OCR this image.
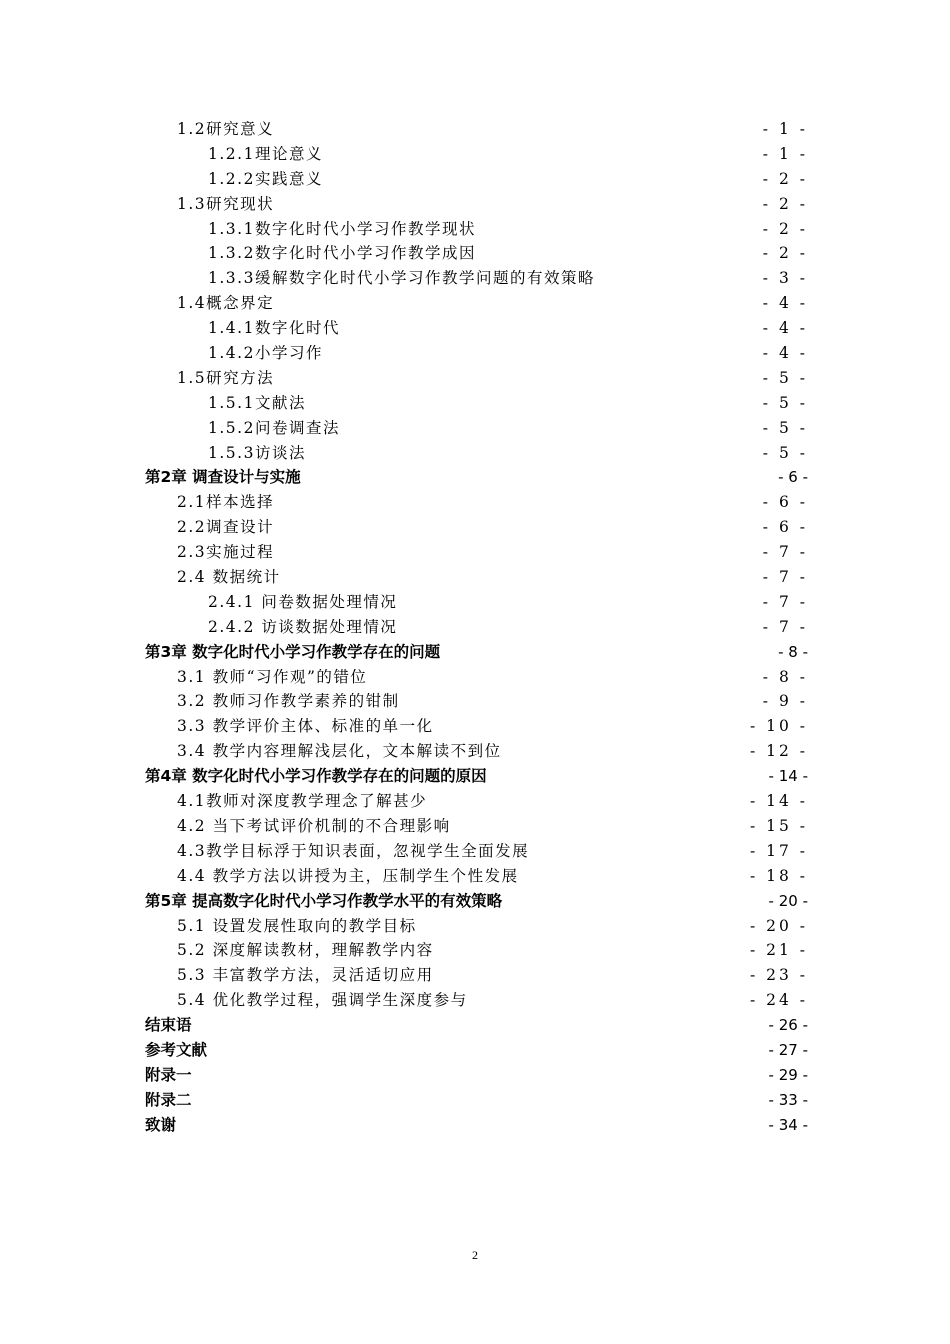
1.2研究意义	- 1 -
1.2.1理论意义	- 1 -
1.2.2实践意义	- 2 -
1.3研究现状	- 2 -
1.3.1数字化时代小学习作教学现状	- 2 -
1.3.2数字化时代小学习作教学成因	- 2 -
1.3.3缓解数字化时代小学习作教学问题的有效策略	- 3 -
1.4概念界定	- 4 -
1.4.1数字化时代	- 4 -
1.4.2小学习作	- 4 -
1.5研究方法	- 5 -
1.5.1文献法	- 5 -
1.5.2问卷调查法	- 5 -
1.5.3访谈法	- 5 -
第2章 调查设计与实施	- 6 -
2.1样本选择	- 6 -
2.2调查设计	- 6 -
2.3实施过程	- 7 -
2.4 数据统计	- 7 -
2.4.1 问卷数据处理情况	- 7 -
2.4.2 访谈数据处理情况	- 7 -
第3章 数字化时代小学习作教学存在的问题	- 8 -
3.1 教师“习作观”的错位	- 8 -
3.2 教师习作教学素养的钳制	- 9 -
3.3 教学评价主体、标准的单一化	- 10 -
3.4 教学内容理解浅层化，文本解读不到位	- 12 -
第4章 数字化时代小学习作教学存在的问题的原因	- 14 -
4.1教师对深度教学理念了解甚少	- 14 -
4.2 当下考试评价机制的不合理影响	- 15 -
4.3教学目标浮于知识表面，忽视学生全面发展	- 17 -
4.4 教学方法以讲授为主，压制学生个性发展	- 18 -
第5章 提高数字化时代小学习作教学水平的有效策略	- 20 -
5.1 设置发展性取向的教学目标	- 20 -
5.2 深度解读教材，理解教学内容	- 21 -
5.3 丰富教学方法，灵活适切应用	- 23 -
5.4 优化教学过程，强调学生深度参与	- 24 -
结束语	- 26 -
参考文献	- 27 -
附录一	- 29 -
附录二	- 33 -
致谢	- 34 -
2
